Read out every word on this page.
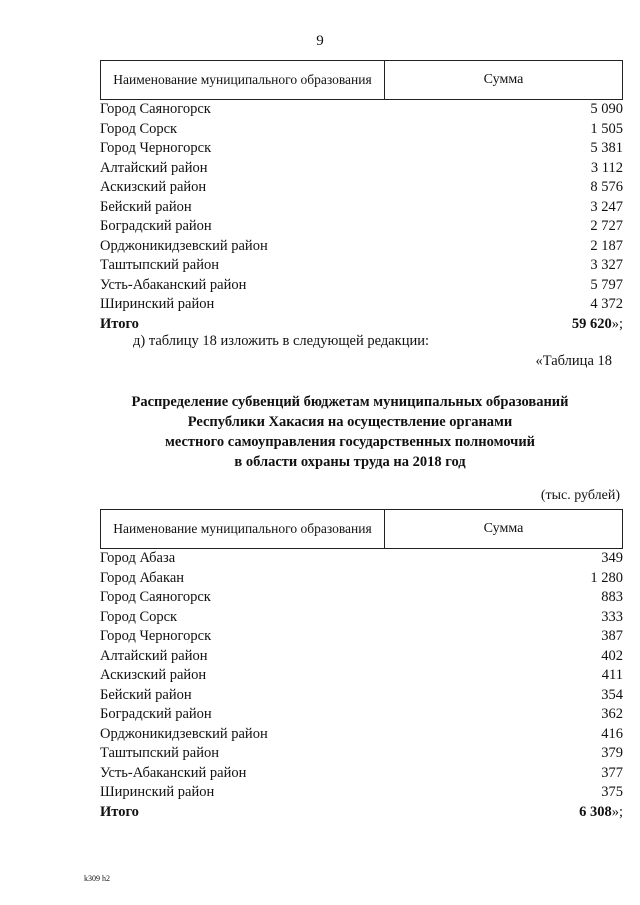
9
Наименование муниципального образования	Сумма
Город Саяногорск	5 090
Город Сорск	1 505
Город Черногорск	5 381
Алтайский район	3 112
Аскизский район	8 576
Бейский район	3 247
Боградский район	2 727
Орджоникидзевский район	2 187
Таштыпский район	3 327
Усть-Абаканский район	5 797
Ширинский район	4 372
Итого	59 620»;
д) таблицу 18 изложить в следующей редакции:
«Таблица 18
Распределение субвенций бюджетам муниципальных образований
Республики Хакасия на осуществление органами
местного самоуправления государственных полномочий
в области охраны труда на 2018 год
(тыс. рублей)
Наименование муниципального образования	Сумма
Город Абаза	349
Город Абакан	1 280
Город Саяногорск	883
Город Сорск	333
Город Черногорск	387
Алтайский район	402
Аскизский район	411
Бейский район	354
Боградский район	362
Орджоникидзевский район	416
Таштыпский район	379
Усть-Абаканский район	377
Ширинский район	375
Итого	6 308»;
k309 h2
